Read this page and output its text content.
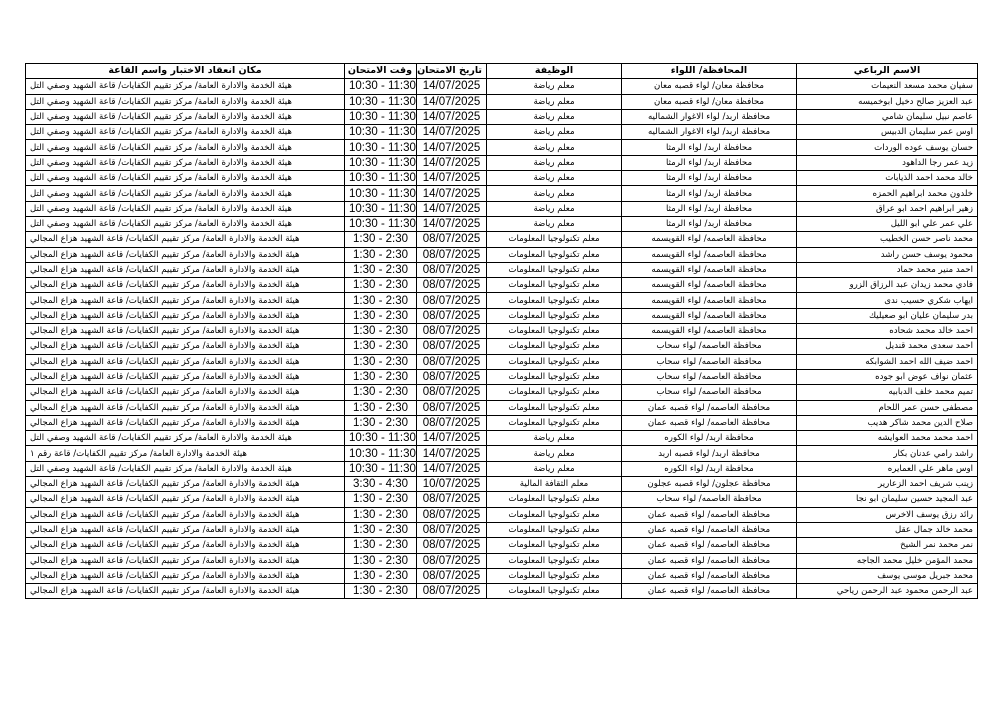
الاسم الرباعي	المحافظة/ اللواء	الوظيفة	تاريخ الامتحان	وقت الامتحان	مكان انعقاد الاختبار واسم القاعة
سفيان محمد مسعد النعيمات	محافظة معان/ لواء قصبه معان	معلم رياضة	14/07/2025	10:30 - 11:30	هيئة الخدمة والادارة العامة/ مركز تقييم الكفايات/ قاعة الشهيد وصفي التل
عبد العزيز صالح دخيل ابوخميسه	محافظة معان/ لواء قصبه معان	معلم رياضة	14/07/2025	10:30 - 11:30	هيئة الخدمة والادارة العامة/ مركز تقييم الكفايات/ قاعة الشهيد وصفي التل
عاصم نبيل سليمان شامي	محافظة اربد/ لواء الاغوار الشماليه	معلم رياضة	14/07/2025	10:30 - 11:30	هيئة الخدمة والادارة العامة/ مركز تقييم الكفايات/ قاعة الشهيد وصفي التل
اوس عمر سليمان الدبيس	محافظة اربد/ لواء الاغوار الشماليه	معلم رياضة	14/07/2025	10:30 - 11:30	هيئة الخدمة والادارة العامة/ مركز تقييم الكفايات/ قاعة الشهيد وصفي التل
حسان يوسف عوده الوردات	محافظة اربد/ لواء الرمثا	معلم رياضة	14/07/2025	10:30 - 11:30	هيئة الخدمة والادارة العامة/ مركز تقييم الكفايات/ قاعة الشهيد وصفي التل
زيد عمر رجا الداهود	محافظة اربد/ لواء الرمثا	معلم رياضة	14/07/2025	10:30 - 11:30	هيئة الخدمة والادارة العامة/ مركز تقييم الكفايات/ قاعة الشهيد وصفي التل
خالد محمد احمد الذيابات	محافظة اربد/ لواء الرمثا	معلم رياضة	14/07/2025	10:30 - 11:30	هيئة الخدمة والادارة العامة/ مركز تقييم الكفايات/ قاعة الشهيد وصفي التل
خلدون محمد ابراهيم الحمزه	محافظة اربد/ لواء الرمثا	معلم رياضة	14/07/2025	10:30 - 11:30	هيئة الخدمة والادارة العامة/ مركز تقييم الكفايات/ قاعة الشهيد وصفي التل
زهير ابراهيم احمد ابو عراق	محافظة اربد/ لواء الرمثا	معلم رياضة	14/07/2025	10:30 - 11:30	هيئة الخدمة والادارة العامة/ مركز تقييم الكفايات/ قاعة الشهيد وصفي التل
علي عمر علي ابو الليل	محافظة اربد/ لواء الرمثا	معلم رياضة	14/07/2025	10:30 - 11:30	هيئة الخدمة والادارة العامة/ مركز تقييم الكفايات/ قاعة الشهيد وصفي التل
محمد ناصر حسن الخطيب	محافظة العاصمه/ لواء القويسمه	معلم تكنولوجيا المعلومات	08/07/2025	1:30 - 2:30	هيئة الخدمة والادارة العامة/ مركز تقييم الكفايات/ قاعة الشهيد هزاع المجالي
محمود يوسف حسن راشد	محافظة العاصمه/ لواء القويسمه	معلم تكنولوجيا المعلومات	08/07/2025	1:30 - 2:30	هيئة الخدمة والادارة العامة/ مركز تقييم الكفايات/ قاعة الشهيد هزاع المجالي
احمد منير محمد حماد	محافظة العاصمه/ لواء القويسمه	معلم تكنولوجيا المعلومات	08/07/2025	1:30 - 2:30	هيئة الخدمة والادارة العامة/ مركز تقييم الكفايات/ قاعة الشهيد هزاع المجالي
فادي محمد زيدان عبد الرزاق الزرو	محافظة العاصمه/ لواء القويسمه	معلم تكنولوجيا المعلومات	08/07/2025	1:30 - 2:30	هيئة الخدمة والادارة العامة/ مركز تقييم الكفايات/ قاعة الشهيد هزاع المجالي
ايهاب شكري حسيب ندى	محافظة العاصمه/ لواء القويسمه	معلم تكنولوجيا المعلومات	08/07/2025	1:30 - 2:30	هيئة الخدمة والادارة العامة/ مركز تقييم الكفايات/ قاعة الشهيد هزاع المجالي
بدر سليمان عليان ابو صعيليك	محافظة العاصمه/ لواء القويسمه	معلم تكنولوجيا المعلومات	08/07/2025	1:30 - 2:30	هيئة الخدمة والادارة العامة/ مركز تقييم الكفايات/ قاعة الشهيد هزاع المجالي
احمد خالد محمد شحاده	محافظة العاصمه/ لواء القويسمه	معلم تكنولوجيا المعلومات	08/07/2025	1:30 - 2:30	هيئة الخدمة والادارة العامة/ مركز تقييم الكفايات/ قاعة الشهيد هزاع المجالي
احمد سعدى محمد قنديل	محافظة العاصمه/ لواء سحاب	معلم تكنولوجيا المعلومات	08/07/2025	1:30 - 2:30	هيئة الخدمة والادارة العامة/ مركز تقييم الكفايات/ قاعة الشهيد هزاع المجالي
احمد ضيف الله احمد الشوابكه	محافظة العاصمه/ لواء سحاب	معلم تكنولوجيا المعلومات	08/07/2025	1:30 - 2:30	هيئة الخدمة والادارة العامة/ مركز تقييم الكفايات/ قاعة الشهيد هزاع المجالي
عثمان نواف عوض ابو جوده	محافظة العاصمه/ لواء سحاب	معلم تكنولوجيا المعلومات	08/07/2025	1:30 - 2:30	هيئة الخدمة والادارة العامة/ مركز تقييم الكفايات/ قاعة الشهيد هزاع المجالي
تميم محمد خلف الدبابيه	محافظة العاصمه/ لواء سحاب	معلم تكنولوجيا المعلومات	08/07/2025	1:30 - 2:30	هيئة الخدمة والادارة العامة/ مركز تقييم الكفايات/ قاعة الشهيد هزاع المجالي
مصطفى حسن عمر اللحام	محافظة العاصمه/ لواء قصبه عمان	معلم تكنولوجيا المعلومات	08/07/2025	1:30 - 2:30	هيئة الخدمة والادارة العامة/ مركز تقييم الكفايات/ قاعة الشهيد هزاع المجالي
صلاح الدين محمد شاكر هديب	محافظة العاصمه/ لواء قصبه عمان	معلم تكنولوجيا المعلومات	08/07/2025	1:30 - 2:30	هيئة الخدمة والادارة العامة/ مركز تقييم الكفايات/ قاعة الشهيد هزاع المجالي
احمد محمد محمد العوايشه	محافظة اربد/ لواء الكوره	معلم رياضة	14/07/2025	10:30 - 11:30	هيئة الخدمة والادارة العامة/ مركز تقييم الكفايات/ قاعة الشهيد وصفي التل
راشد رامي عدنان بكار	محافظة اربد/ لواء قصبه اربد	معلم رياضة	14/07/2025	10:30 - 11:30	هيئة الخدمة والادارة العامة/ مركز تقييم الكفايات/ قاعة رقم ١
اوس ماهر علي العمايره	محافظة اربد/ لواء الكوره	معلم رياضة	14/07/2025	10:30 - 11:30	هيئة الخدمة والادارة العامة/ مركز تقييم الكفايات/ قاعة الشهيد وصفي التل
زينب شريف احمد الزعارير	محافظة عجلون/ لواء قصبه عجلون	معلم الثقافة المالية	10/07/2025	3:30 - 4:30	هيئة الخدمة والادارة العامة/ مركز تقييم الكفايات/ قاعة الشهيد هزاع المجالي
عبد المجيد حسين سليمان ابو نجا	محافظة العاصمه/ لواء سحاب	معلم تكنولوجيا المعلومات	08/07/2025	1:30 - 2:30	هيئة الخدمة والادارة العامة/ مركز تقييم الكفايات/ قاعة الشهيد هزاع المجالي
رائد رزق يوسف الاخرس	محافظة العاصمه/ لواء قصبه عمان	معلم تكنولوجيا المعلومات	08/07/2025	1:30 - 2:30	هيئة الخدمة والادارة العامة/ مركز تقييم الكفايات/ قاعة الشهيد هزاع المجالي
محمد خالد جمال عقل	محافظة العاصمه/ لواء قصبه عمان	معلم تكنولوجيا المعلومات	08/07/2025	1:30 - 2:30	هيئة الخدمة والادارة العامة/ مركز تقييم الكفايات/ قاعة الشهيد هزاع المجالي
نمر محمد نمر الشيخ	محافظة العاصمه/ لواء قصبه عمان	معلم تكنولوجيا المعلومات	08/07/2025	1:30 - 2:30	هيئة الخدمة والادارة العامة/ مركز تقييم الكفايات/ قاعة الشهيد هزاع المجالي
محمد المؤمن خليل محمد الجاجه	محافظة العاصمه/ لواء قصبه عمان	معلم تكنولوجيا المعلومات	08/07/2025	1:30 - 2:30	هيئة الخدمة والادارة العامة/ مركز تقييم الكفايات/ قاعة الشهيد هزاع المجالي
محمد جبريل موسى يوسف	محافظة العاصمه/ لواء قصبه عمان	معلم تكنولوجيا المعلومات	08/07/2025	1:30 - 2:30	هيئة الخدمة والادارة العامة/ مركز تقييم الكفايات/ قاعة الشهيد هزاع المجالي
عبد الرحمن محمود عبد الرحمن رياحي	محافظة العاصمه/ لواء قصبه عمان	معلم تكنولوجيا المعلومات	08/07/2025	1:30 - 2:30	هيئة الخدمة والادارة العامة/ مركز تقييم الكفايات/ قاعة الشهيد هزاع المجالي
